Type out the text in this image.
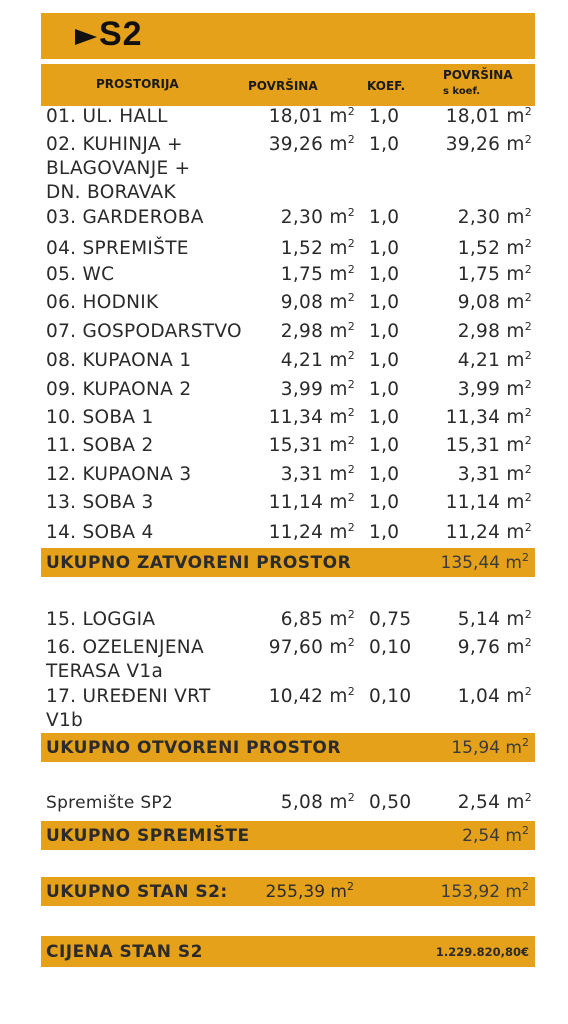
S2
PROSTORIJA	POVRŠINA	KOEF.
POVRŠINA
s koef.
01. UL. HALL	18,01 $m^2$ 1,0	18,01 $m^2$
02. KUHINJA +
BLAGOVANJE +
DN. BORAVAK
39,26 $m^2$ 1,0	39,26 $m^2$
03. GARDEROBA	2,30 $m^2$ 1,0	2,30 $m^2$
04. SPREMIŠTE	1,52 $m^2$ 1,0	1,52 $m^2$
05. WC	1,75 $m^2$ 1,0	1,75 $m^2$
06. HODNIK	9,08 $m^2$ 1,0	9,08 $m^2$
07. GOSPODARSTVO	2,98 $m^2$ 1,0	2,98 $m^2$
08. KUPAONA 1	4,21 $m^2$ 1,0	4,21 $m^2$
09. KUPAONA 2	3,99 $m^2$ 1,0	3,99 $m^2$
10. SOBA 1	11,34 $m^2$ 1,0	11,34 $m^2$
11. SOBA 2	15,31 $m^2$ 1,0	15,31 $m^2$
12. KUPAONA 3	3,31 $m^2$ 1,0	3,31 $m^2$
13. SOBA 3	11,14 $m^2$ 1,0	11,14 $m^2$
14. SOBA 4	11,24 $m^2$ 1,0	11,24 $m^2$
UKUPNO ZATVORENI PROSTOR	135,44 $m^2$
15. LOGGIA	6,85 $m^2$ 0,75	5,14 $m^2$
16. OZELENJENA
TERASA V1a
97,60 $m^2$ 0,10	9,76 $m^2$
17. UREĐENI VRT
V1b
10,42 $m^2$ 0,10	1,04 $m^2$
UKUPNO OTVORENI PROSTOR	15,94 $m^2$
Spremište SP2	5,08 $m^2$ 0,50	2,54 $m^2$
UKUPNO SPREMIŠTE	2,54 $m^2$
UKUPNO STAN S2: 255,39 $m^2$	153,92 $m^2$
CIJENA STAN S2	1.229.820,80€
